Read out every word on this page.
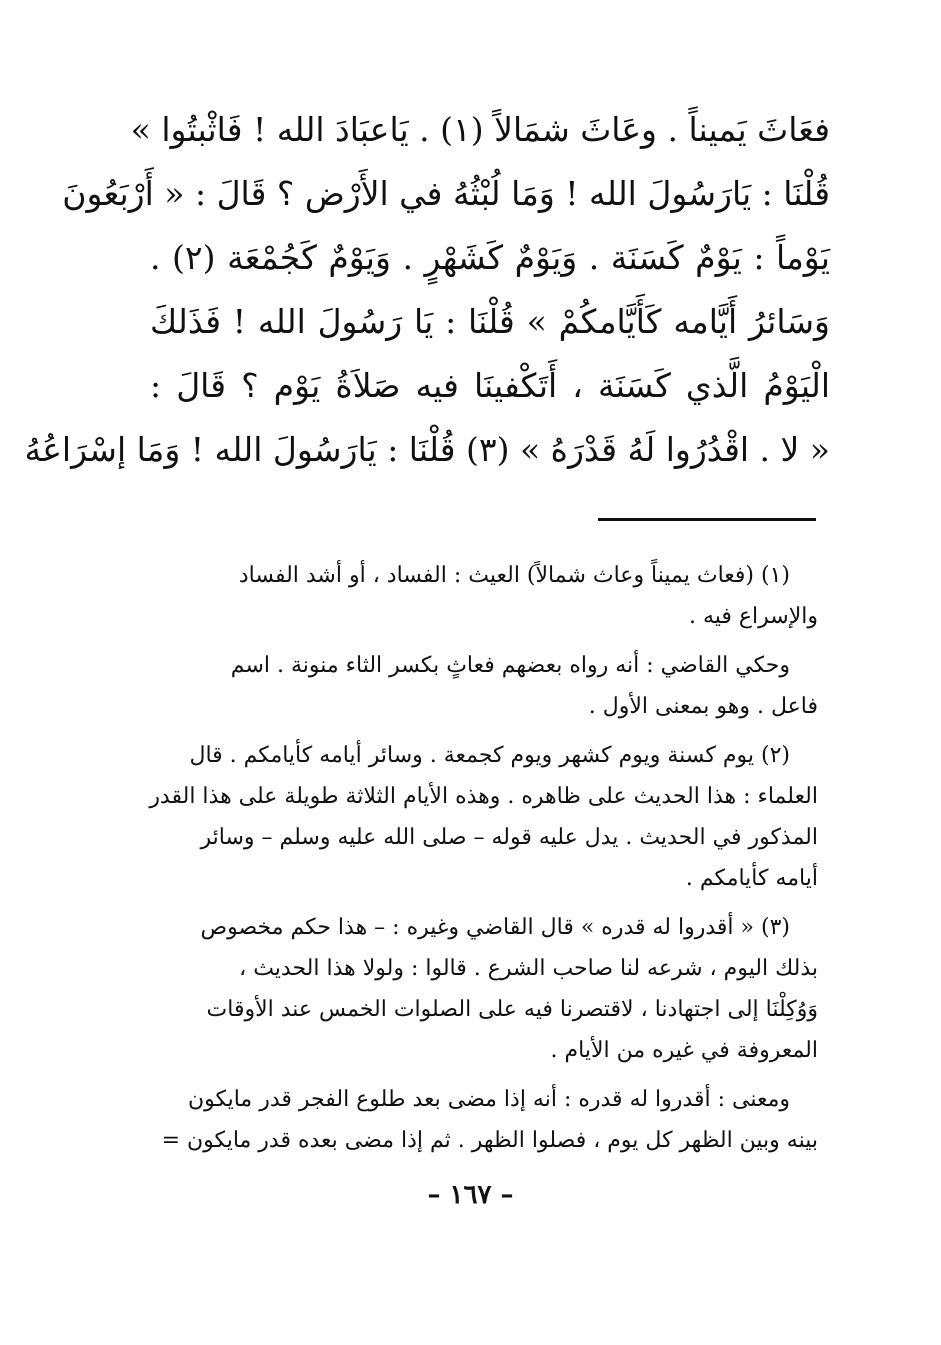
فعَاثَ يَميناً . وعَاثَ شمَالاً (١) . يَاعبَادَ الله ! فَاثْبتُوا »
قُلْنَا : يَارَسُولَ الله ! وَمَا لُبْثُهُ في الأَرْض ؟ قَالَ : « أَرْبَعُونَ
يَوْماً : يَوْمٌ كَسَنَة . وَيَوْمٌ كَشَهْرٍ . وَيَوْمٌ كَجُمْعَة (٢) .
وَسَائرُ أَيَّامه كَأَيَّامكُمْ » قُلْنَا : يَا رَسُولَ الله ! فَذَلكَ
الْيَوْمُ الَّذي كَسَنَة ، أَتَكْفينَا فيه صَلاَةُ يَوْم ؟ قَالَ :
« لا . اقْدُرُوا لَهُ قَدْرَهُ » (٣) قُلْنَا : يَارَسُولَ الله ! وَمَا إسْرَاعُهُ
(١) (فعاث يميناً وعاث شمالاً) العيث : الفساد ، أو أشد الفساد
والإسراع فيه .
وحكي القاضي : أنه رواه بعضهم فعاثٍ بكسر الثاء منونة . اسم
فاعل . وهو بمعنى الأول .
(٢) يوم كسنة ويوم كشهر ويوم كجمعة . وسائر أيامه كأيامكم . قال
العلماء : هذا الحديث على ظاهره . وهذه الأيام الثلاثة طويلة على هذا القدر
المذكور في الحديث . يدل عليه قوله – صلى الله عليه وسلم – وسائر
أيامه كأيامكم .
(٣) « أقدروا له قدره » قال القاضي وغيره : – هذا حكم مخصوص
بذلك اليوم ، شرعه لنا صاحب الشرع . قالوا : ولولا هذا الحديث ،
وَوُكِلْنَا إلى اجتهادنا ، لاقتصرنا فيه على الصلوات الخمس عند الأوقات
المعروفة في غيره من الأيام .
ومعنى : أقدروا له قدره : أنه إذا مضى بعد طلوع الفجر قدر مايكون
بينه وبين الظهر كل يوم ، فصلوا الظهر . ثم إذا مضى بعده قدر مايكون =
– ١٦٧ –
